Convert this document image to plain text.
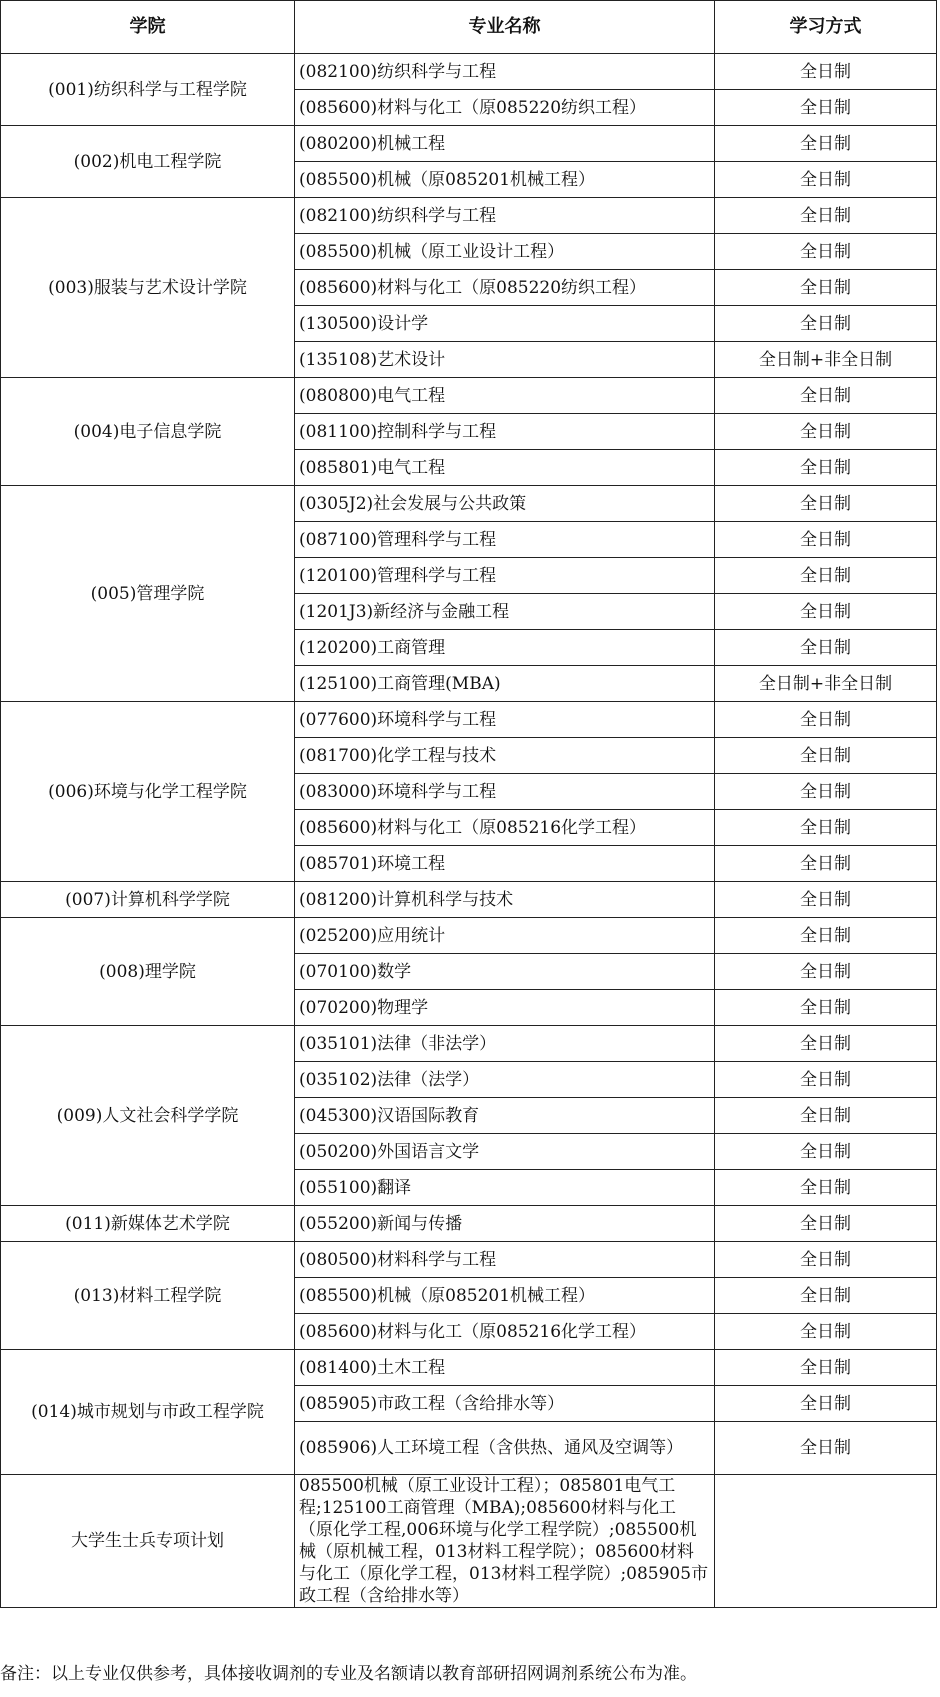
学院	专业名称	学习方式
(001)纺织科学与工程学院	(082100)纺织科学与工程	全日制
	(085600)材料与化工（原085220纺织工程）	全日制
(002)机电工程学院	(080200)机械工程	全日制
	(085500)机械（原085201机械工程）	全日制
(003)服装与艺术设计学院	(082100)纺织科学与工程	全日制
	(085500)机械（原工业设计工程）	全日制
	(085600)材料与化工（原085220纺织工程）	全日制
	(130500)设计学	全日制
	(135108)艺术设计	全日制+非全日制
(004)电子信息学院	(080800)电气工程	全日制
	(081100)控制科学与工程	全日制
	(085801)电气工程	全日制
(005)管理学院	(0305J2)社会发展与公共政策	全日制
	(087100)管理科学与工程	全日制
	(120100)管理科学与工程	全日制
	(1201J3)新经济与金融工程	全日制
	(120200)工商管理	全日制
	(125100)工商管理(MBA)	全日制+非全日制
(006)环境与化学工程学院	(077600)环境科学与工程	全日制
	(081700)化学工程与技术	全日制
	(083000)环境科学与工程	全日制
	(085600)材料与化工（原085216化学工程）	全日制
	(085701)环境工程	全日制
(007)计算机科学学院	(081200)计算机科学与技术	全日制
(008)理学院	(025200)应用统计	全日制
	(070100)数学	全日制
	(070200)物理学	全日制
(009)人文社会科学学院	(035101)法律（非法学）	全日制
	(035102)法律（法学）	全日制
	(045300)汉语国际教育	全日制
	(050200)外国语言文学	全日制
	(055100)翻译	全日制
(011)新媒体艺术学院	(055200)新闻与传播	全日制
(013)材料工程学院	(080500)材料科学与工程	全日制
	(085500)机械（原085201机械工程）	全日制
	(085600)材料与化工（原085216化学工程）	全日制
(014)城市规划与市政工程学院	(081400)土木工程	全日制
	(085905)市政工程（含给排水等）	全日制
	(085906)人工环境工程（含供热、通风及空调等）	全日制
大学生士兵专项计划	085500机械（原工业设计工程）；085801电气工程;125100工商管理（MBA);085600材料与化工（原化学工程,006环境与化学工程学院）;085500机械（原机械工程，013材料工程学院）；085600材料与化工（原化学工程，013材料工程学院）;085905市政工程（含给排水等）	
备注：以上专业仅供参考，具体接收调剂的专业及名额请以教育部研招网调剂系统公布为准。
